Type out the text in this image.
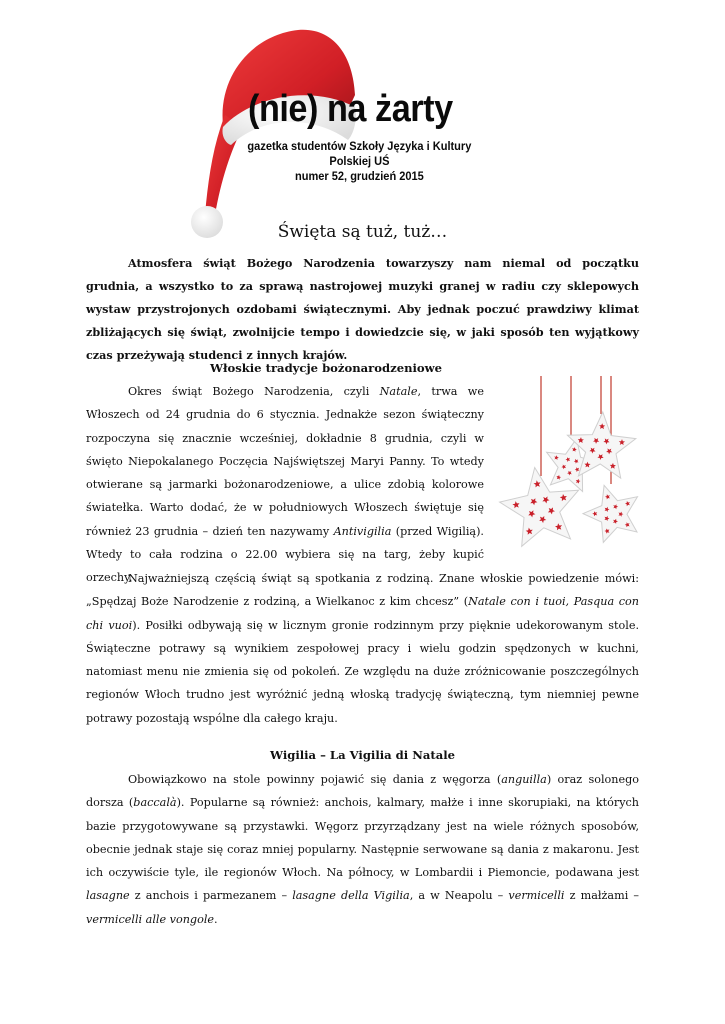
(nie) na żarty

gazetka studentów Szkoły Języka i Kultury Polskiej UŚ
numer 52, grudzień 2015

Święta są tuż, tuż…

Atmosfera świąt Bożego Narodzenia towarzyszy nam niemal od początku grudnia, a wszystko to za sprawą nastrojowej muzyki granej w radiu czy sklepowych wystaw przystrojonych ozdobami świątecznymi. Aby jednak poczuć prawdziwy klimat zbliżających się świąt, zwolnijcie tempo i dowiedzcie się, w jaki sposób ten wyjątkowy czas przeżywają studenci z innych krajów.

Włoskie tradycje bożonarodzeniowe

Okres świąt Bożego Narodzenia, czyli Natale, trwa we Włoszech od 24 grudnia do 6 stycznia. Jednakże sezon świąteczny rozpoczyna się znacznie wcześniej, dokładnie 8 grudnia, czyli w święto Niepokalanego Poczęcia Najświętszej Maryi Panny. To wtedy otwierane są jarmarki bożonarodzeniowe, a ulice zdobią kolorowe światełka. Warto dodać, że w południowych Włoszech świętuje się również 23 grudnia – dzień ten nazywamy Antivigilia (przed Wigilią). Wtedy to cała rodzina o 22.00 wybiera się na targ, żeby kupić orzechy.

Najważniejszą częścią świąt są spotkania z rodziną. Znane włoskie powiedzenie mówi: „Spędzaj Boże Narodzenie z rodziną, a Wielkanoc z kim chcesz” (Natale con i tuoi, Pasqua con chi vuoi). Posiłki odbywają się w licznym gronie rodzinnym przy pięknie udekorowanym stole. Świąteczne potrawy są wynikiem zespołowej pracy i wielu godzin spędzonych w kuchni, natomiast menu nie zmienia się od pokoleń. Ze względu na duże zróżnicowanie poszczególnych regionów Włoch trudno jest wyróżnić jedną włoską tradycję świąteczną, tym niemniej pewne potrawy pozostają wspólne dla całego kraju.

Wigilia – La Vigilia di Natale

Obowiązkowo na stole powinny pojawić się dania z węgorza (anguilla) oraz solonego dorsza (baccalà). Popularne są również: anchois, kalmary, małże i inne skorupiaki, na których bazie przygotowywane są przystawki. Węgorz przyrządzany jest na wiele różnych sposobów, obecnie jednak staje się coraz mniej popularny. Następnie serwowane są dania z makaronu. Jest ich oczywiście tyle, ile regionów Włoch. Na północy, w Lombardii i Piemoncie, podawana jest lasagne z anchois i parmezanem – lasagne della Vigilia, a w Neapolu – vermicelli z małżami – vermicelli alle vongole.
